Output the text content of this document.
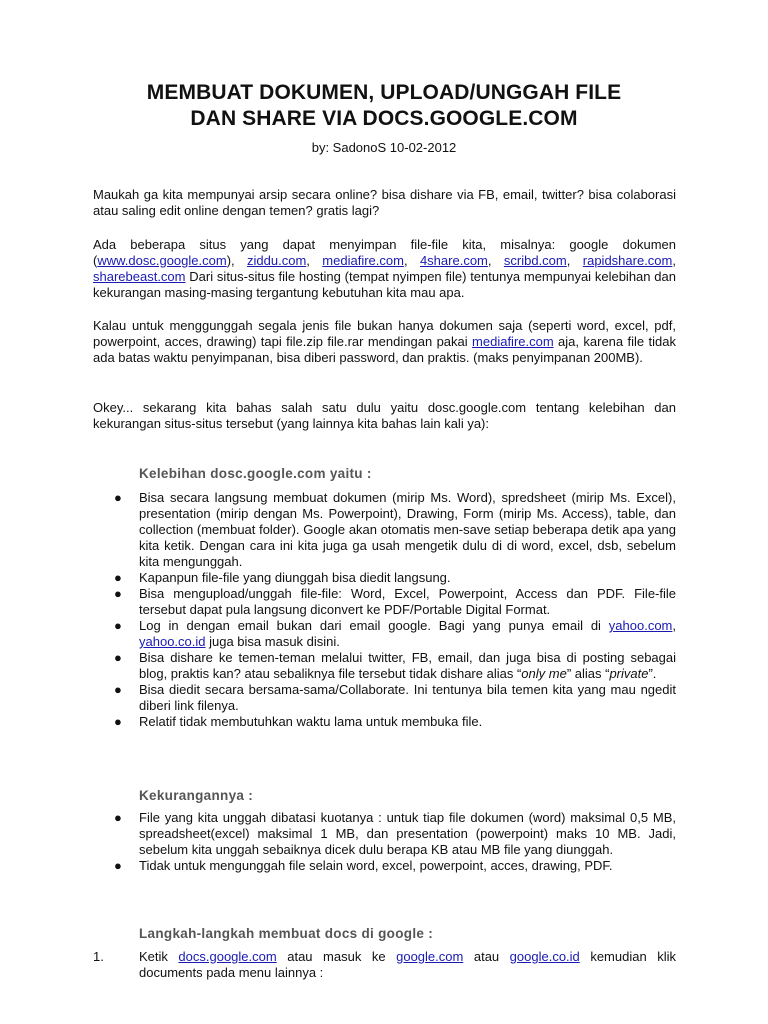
MEMBUAT DOKUMEN, UPLOAD/UNGGAH FILE
DAN SHARE VIA DOCS.GOOGLE.COM
by: SadonoS 10-02-2012

Maukah ga kita mempunyai arsip secara online? bisa dishare via FB, email, twitter? bisa colaborasi atau saling edit online dengan temen? gratis lagi?

Ada beberapa situs yang dapat menyimpan file-file kita, misalnya: google dokumen (www.dosc.google.com), ziddu.com, mediafire.com, 4share.com, scribd.com, rapidshare.com, sharebeast.com Dari situs-situs file hosting (tempat nyimpen file) tentunya mempunyai kelebihan dan kekurangan masing-masing tergantung kebutuhan kita mau apa.

Kalau untuk menggunggah segala jenis file bukan hanya dokumen saja (seperti word, excel, pdf, powerpoint, acces, drawing) tapi file.zip file.rar mendingan pakai mediafire.com aja, karena file tidak ada batas waktu penyimpanan, bisa diberi password, dan praktis. (maks penyimpanan 200MB).

Okey... sekarang kita bahas salah satu dulu yaitu dosc.google.com tentang kelebihan dan kekurangan situs-situs tersebut (yang lainnya kita bahas lain kali ya):

Kelebihan dosc.google.com yaitu :
● Bisa secara langsung membuat dokumen (mirip Ms. Word), spredsheet (mirip Ms. Excel), presentation (mirip dengan Ms. Powerpoint), Drawing, Form (mirip Ms. Access), table, dan collection (membuat folder). Google akan otomatis men-save setiap beberapa detik apa yang kita ketik. Dengan cara ini kita juga ga usah mengetik dulu di di word, excel, dsb, sebelum kita mengunggah.
● Kapanpun file-file yang diunggah bisa diedit langsung.
● Bisa mengupload/unggah file-file: Word, Excel, Powerpoint, Access dan PDF. File-file tersebut dapat pula langsung diconvert ke PDF/Portable Digital Format.
● Log in dengan email bukan dari email google. Bagi yang punya email di yahoo.com, yahoo.co.id juga bisa masuk disini.
● Bisa dishare ke temen-teman melalui twitter, FB, email, dan juga bisa di posting sebagai blog, praktis kan? atau sebaliknya file tersebut tidak dishare alias “only me” alias “private”.
● Bisa diedit secara bersama-sama/Collaborate. Ini tentunya bila temen kita yang mau ngedit diberi link filenya.
● Relatif tidak membutuhkan waktu lama untuk membuka file.
Kekurangannya :
● File yang kita unggah dibatasi kuotanya : untuk tiap file dokumen (word) maksimal 0,5 MB, spreadsheet(excel) maksimal 1 MB, dan presentation (powerpoint) maks 10 MB. Jadi, sebelum kita unggah sebaiknya dicek dulu berapa KB atau MB file yang diunggah.
● Tidak untuk mengunggah file selain word, excel, powerpoint, acces, drawing, PDF.
Langkah-langkah membuat docs di google :
1.	Ketik docs.google.com atau masuk ke google.com atau google.co.id kemudian klik documents pada menu lainnya :
